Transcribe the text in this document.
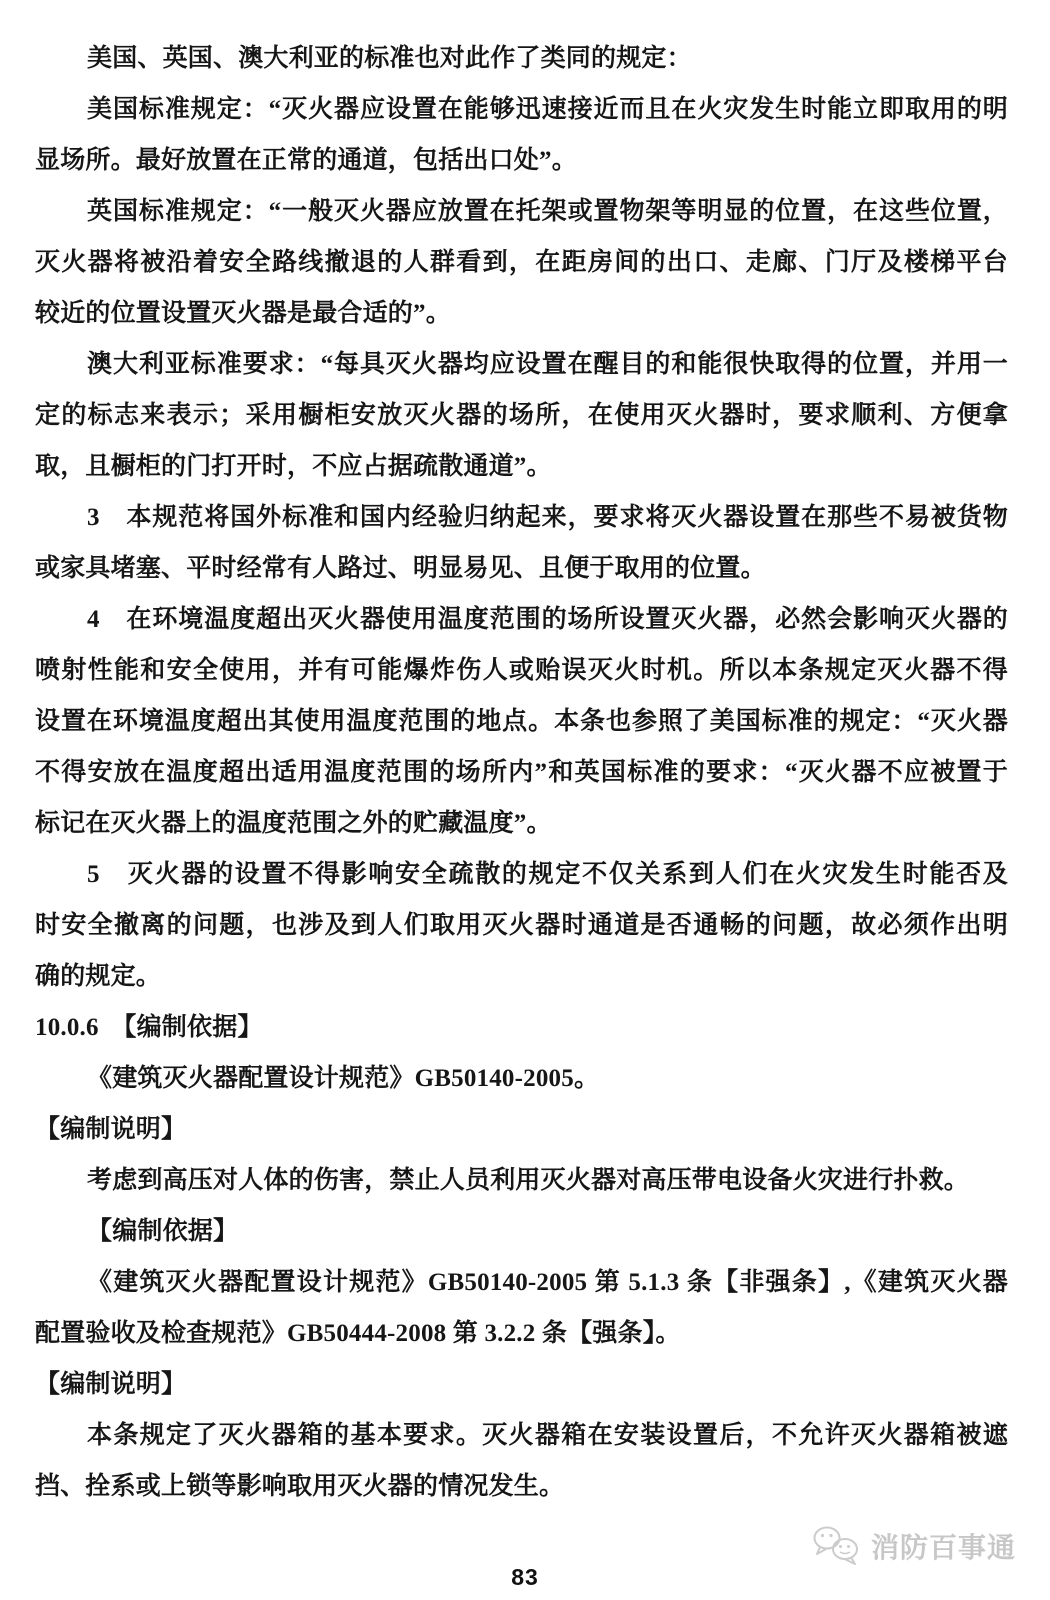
美国、英国、澳大利亚的标准也对此作了类同的规定：
美国标准规定：“灭火器应设置在能够迅速接近而且在火灾发生时能立即取用的明
显场所。最好放置在正常的通道，包括出口处”。
英国标准规定：“一般灭火器应放置在托架或置物架等明显的位置，在这些位置，
灭火器将被沿着安全路线撤退的人群看到，在距房间的出口、走廊、门厅及楼梯平台
较近的位置设置灭火器是最合适的”。
澳大利亚标准要求：“每具灭火器均应设置在醒目的和能很快取得的位置，并用一
定的标志来表示；采用橱柜安放灭火器的场所，在使用灭火器时，要求顺利、方便拿
取，且橱柜的门打开时，不应占据疏散通道”。
3　本规范将国外标准和国内经验归纳起来，要求将灭火器设置在那些不易被货物
或家具堵塞、平时经常有人路过、明显易见、且便于取用的位置。
4　在环境温度超出灭火器使用温度范围的场所设置灭火器，必然会影响灭火器的
喷射性能和安全使用，并有可能爆炸伤人或贻误灭火时机。所以本条规定灭火器不得
设置在环境温度超出其使用温度范围的地点。本条也参照了美国标准的规定：“灭火器
不得安放在温度超出适用温度范围的场所内”和英国标准的要求：“灭火器不应被置于
标记在灭火器上的温度范围之外的贮藏温度”。
5　灭火器的设置不得影响安全疏散的规定不仅关系到人们在火灾发生时能否及
时安全撤离的问题，也涉及到人们取用灭火器时通道是否通畅的问题，故必须作出明
确的规定。
10.0.6　【编制依据】
《建筑灭火器配置设计规范》GB50140-2005。
【编制说明】
考虑到高压对人体的伤害，禁止人员利用灭火器对高压带电设备火灾进行扑救。
【编制依据】
《建筑灭火器配置设计规范》GB50140-2005 第 5.1.3 条【非强条】,《建筑灭火器
配置验收及检查规范》GB50444-2008 第 3.2.2 条【强条】。
【编制说明】
本条规定了灭火器箱的基本要求。灭火器箱在安装设置后，不允许灭火器箱被遮
挡、拴系或上锁等影响取用灭火器的情况发生。
消防百事通
83
